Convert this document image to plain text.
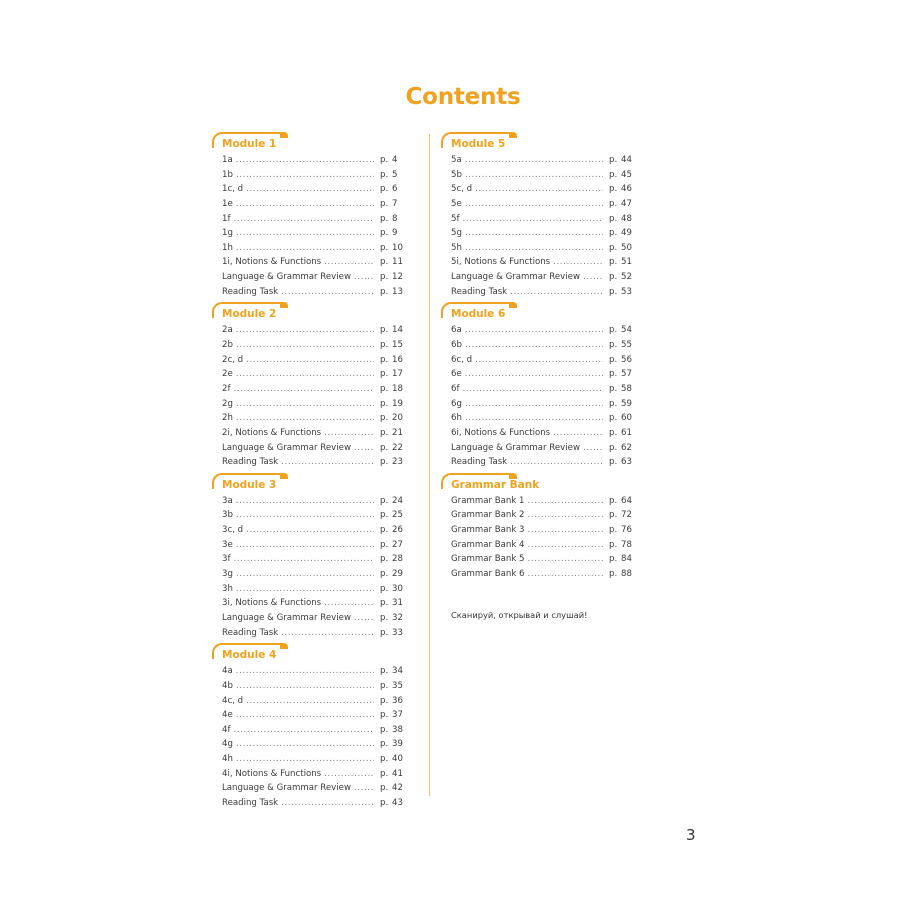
Contents
Module 1
1a .....	p. 4
1b .....	p. 5
1c, d .....	p. 6
1e .....	p. 7
1f .....	p. 8
1g .....	p. 9
1h .....	p. 10
1i, Notions & Functions .....	p. 11
Language & Grammar Review .....	p. 12
Reading Task .....	p. 13
Module 2
2a .....	p. 14
2b .....	p. 15
2c, d .....	p. 16
2e .....	p. 17
2f .....	p. 18
2g .....	p. 19
2h .....	p. 20
2i, Notions & Functions .....	p. 21
Language & Grammar Review .....	p. 22
Reading Task .....	p. 23
Module 3
3a .....	p. 24
3b .....	p. 25
3c, d .....	p. 26
3e .....	p. 27
3f .....	p. 28
3g .....	p. 29
3h .....	p. 30
3i, Notions & Functions .....	p. 31
Language & Grammar Review .....	p. 32
Reading Task .....	p. 33
Module 4
4a .....	p. 34
4b .....	p. 35
4c, d .....	p. 36
4e .....	p. 37
4f .....	p. 38
4g .....	p. 39
4h .....	p. 40
4i, Notions & Functions .....	p. 41
Language & Grammar Review .....	p. 42
Reading Task .....	p. 43
Module 5
5a .....	p. 44
5b .....	p. 45
5c, d .....	p. 46
5e .....	p. 47
5f .....	p. 48
5g .....	p. 49
5h .....	p. 50
5i, Notions & Functions .....	p. 51
Language & Grammar Review .....	p. 52
Reading Task .....	p. 53
Module 6
6a .....	p. 54
6b .....	p. 55
6c, d .....	p. 56
6e .....	p. 57
6f .....	p. 58
6g .....	p. 59
6h .....	p. 60
6i, Notions & Functions .....	p. 61
Language & Grammar Review .....	p. 62
Reading Task .....	p. 63
Grammar Bank
Grammar Bank 1 .....	p. 64
Grammar Bank 2 .....	p. 72
Grammar Bank 3 .....	p. 76
Grammar Bank 4 .....	p. 78
Grammar Bank 5 .....	p. 84
Grammar Bank 6 .....	p. 88
Сканируй, открывай и слушай!
3
